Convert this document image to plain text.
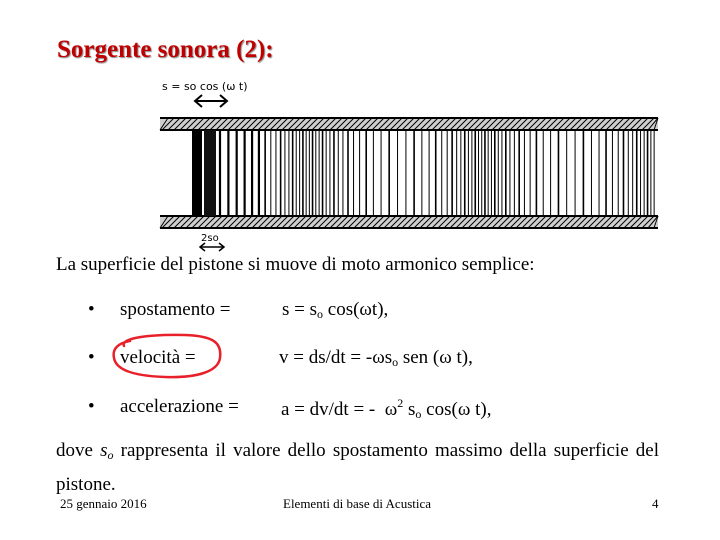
Sorgente sonora (2):
s = so cos (ω t)
2so
La superficie del pistone si muove di moto armonico semplice:
• spostamento =	$s = s_o$ cos(ωt),
• velocità =	$v = ds/dt = -\omega s_o$ sen (ω t),
• accelerazione = a = dv/dt = -  $\omega^2$ $s_o$ cos(ω t),
dove $s_o$ rappresenta il valore dello spostamento massimo della superficie del pistone.
25 gennaio 2016	Elementi di base di Acustica	4
